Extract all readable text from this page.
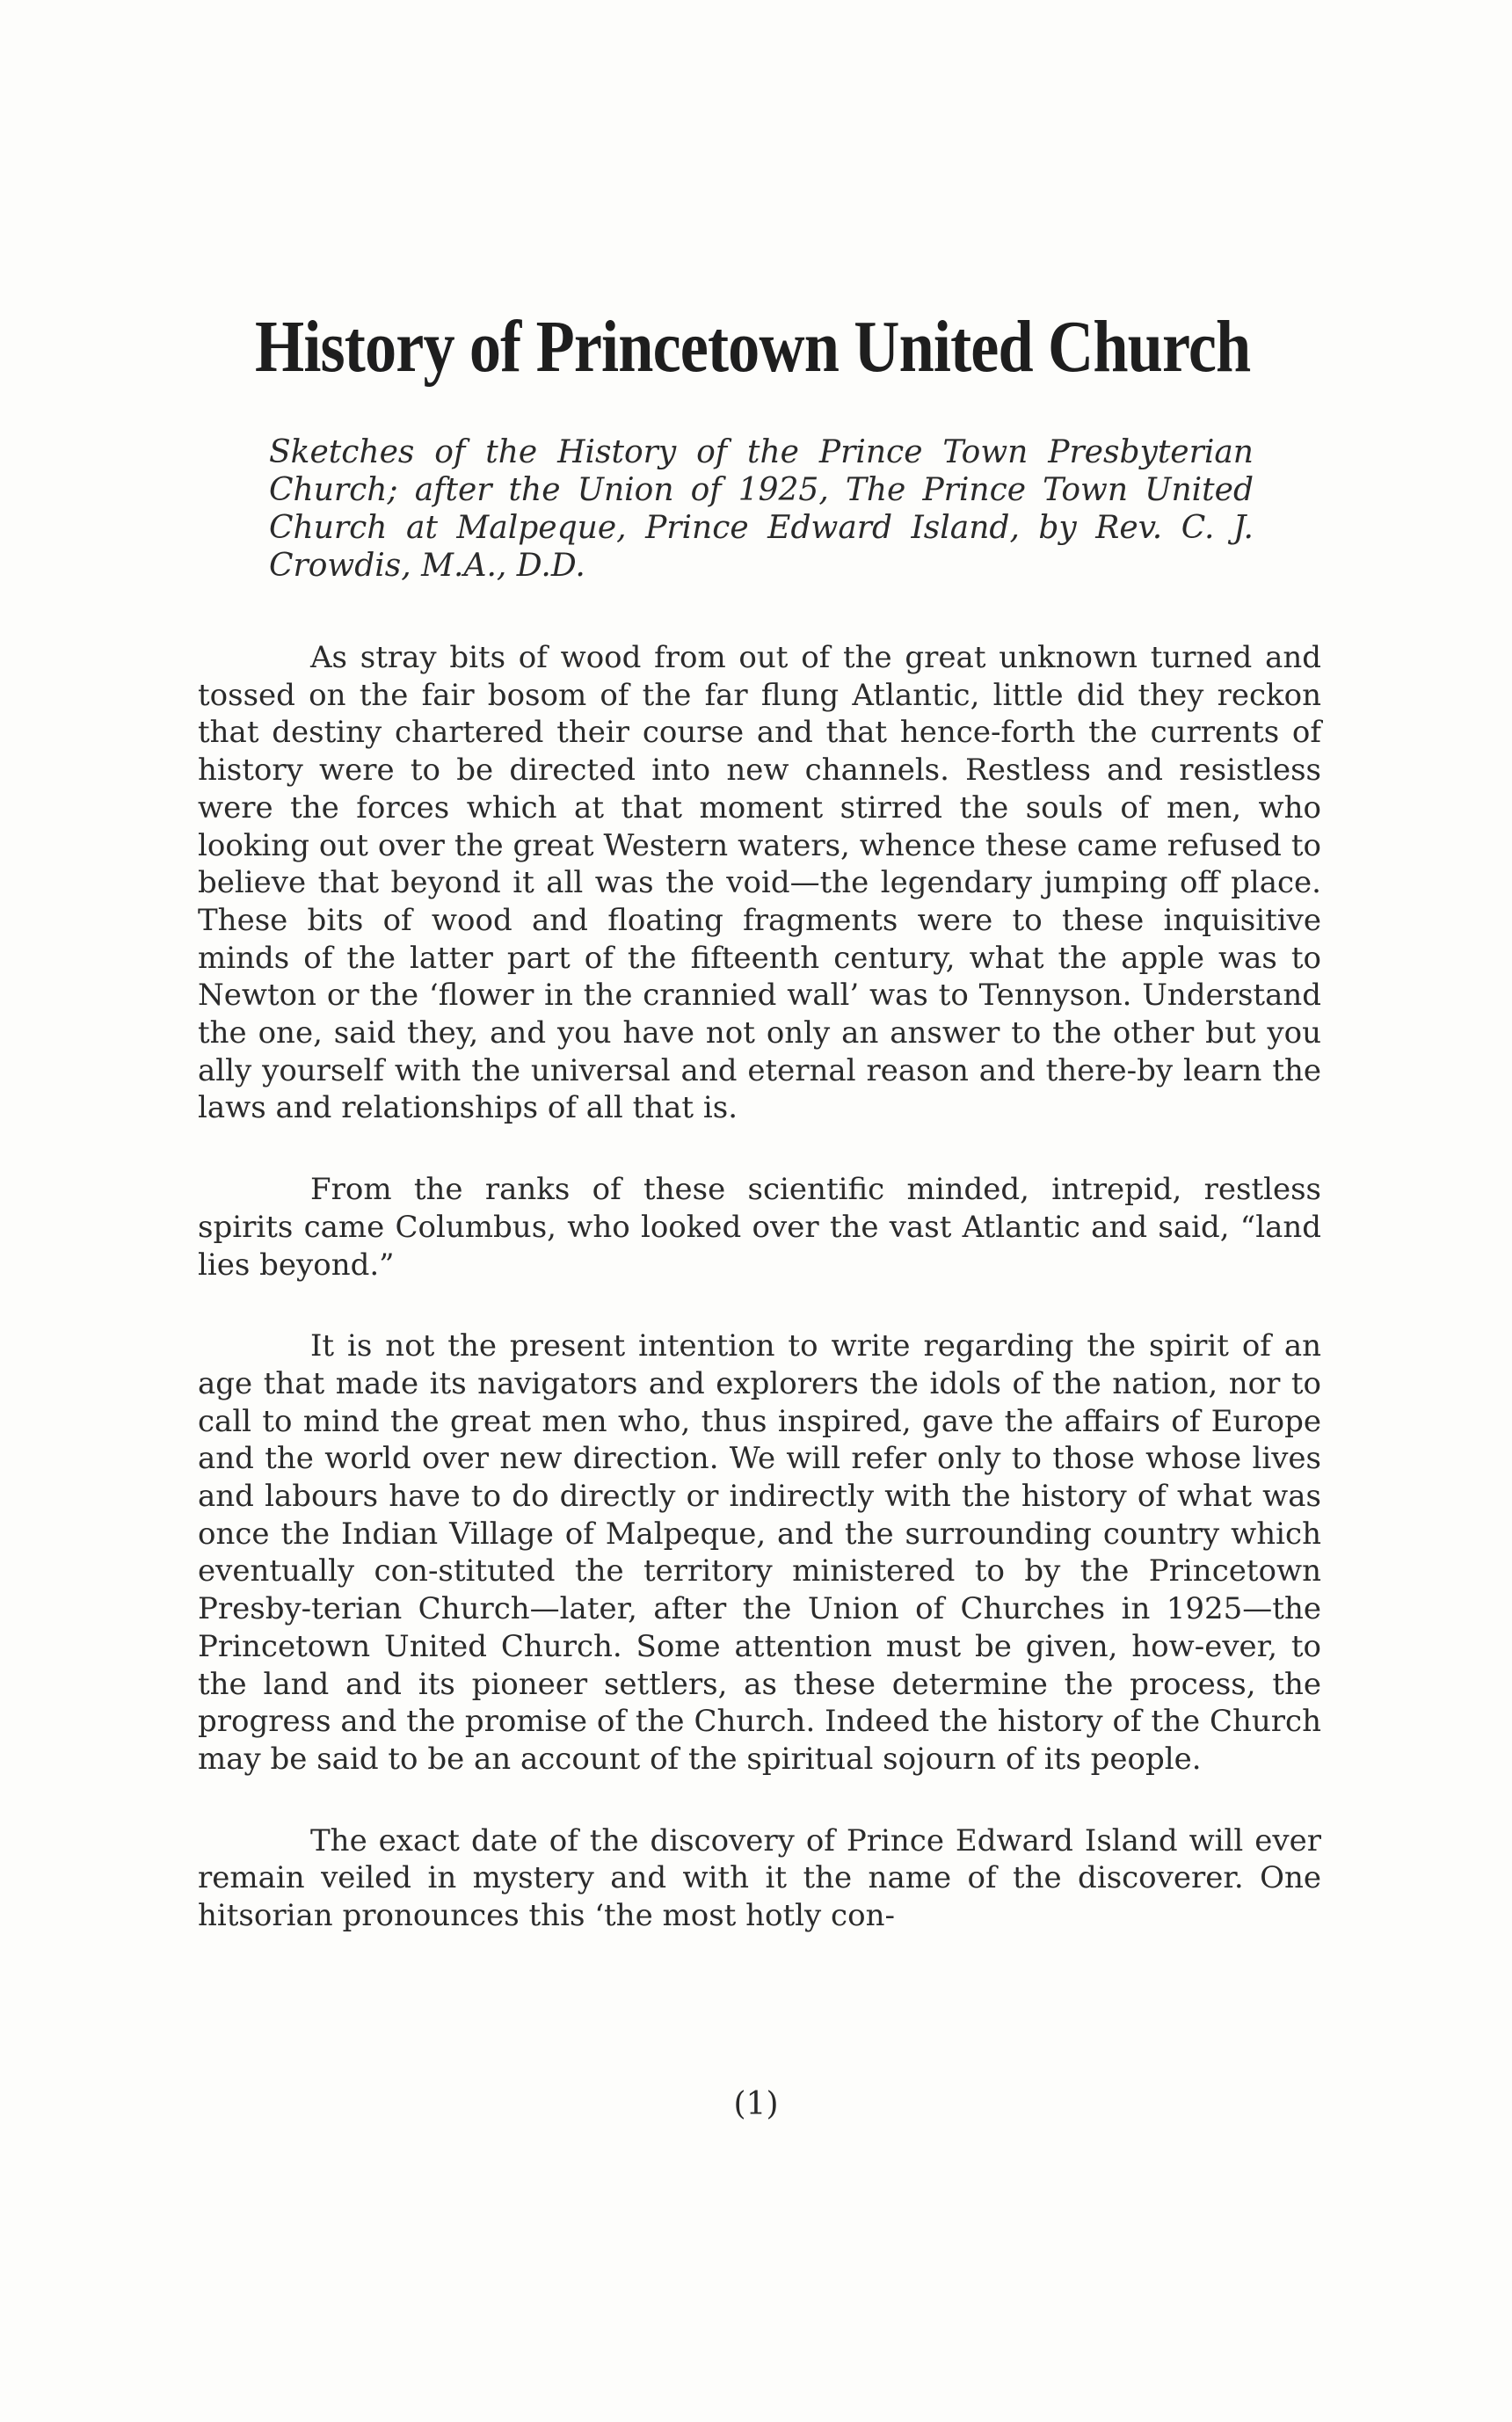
History of Princetown United Church

Sketches of the History of the Prince Town Presbyterian Church; after the Union of 1925, The Prince Town United Church at Malpeque, Prince Edward Island, by Rev. C. J. Crowdis, M.A., D.D.

As stray bits of wood from out of the great unknown turned and tossed on the fair bosom of the far flung Atlantic, little did they reckon that destiny chartered their course and that hence-forth the currents of history were to be directed into new channels. Restless and resistless were the forces which at that moment stirred the souls of men, who looking out over the great Western waters, whence these came refused to believe that beyond it all was the void—the legendary jumping off place. These bits of wood and floating fragments were to these inquisitive minds of the latter part of the fifteenth century, what the apple was to Newton or the ‘flower in the crannied wall’ was to Tennyson. Understand the one, said they, and you have not only an answer to the other but you ally yourself with the universal and eternal reason and there-by learn the laws and relationships of all that is.

From the ranks of these scientific minded, intrepid, restless spirits came Columbus, who looked over the vast Atlantic and said, “land lies beyond.”

It is not the present intention to write regarding the spirit of an age that made its navigators and explorers the idols of the nation, nor to call to mind the great men who, thus inspired, gave the affairs of Europe and the world over new direction. We will refer only to those whose lives and labours have to do directly or indirectly with the history of what was once the Indian Village of Malpeque, and the surrounding country which eventually con-stituted the territory ministered to by the Princetown Presby-terian Church—later, after the Union of Churches in 1925—the Princetown United Church. Some attention must be given, how-ever, to the land and its pioneer settlers, as these determine the process, the progress and the promise of the Church. Indeed the history of the Church may be said to be an account of the spiritual sojourn of its people.

The exact date of the discovery of Prince Edward Island will ever remain veiled in mystery and with it the name of the discoverer. One hitsorian pronounces this ‘the most hotly con-

(1)
